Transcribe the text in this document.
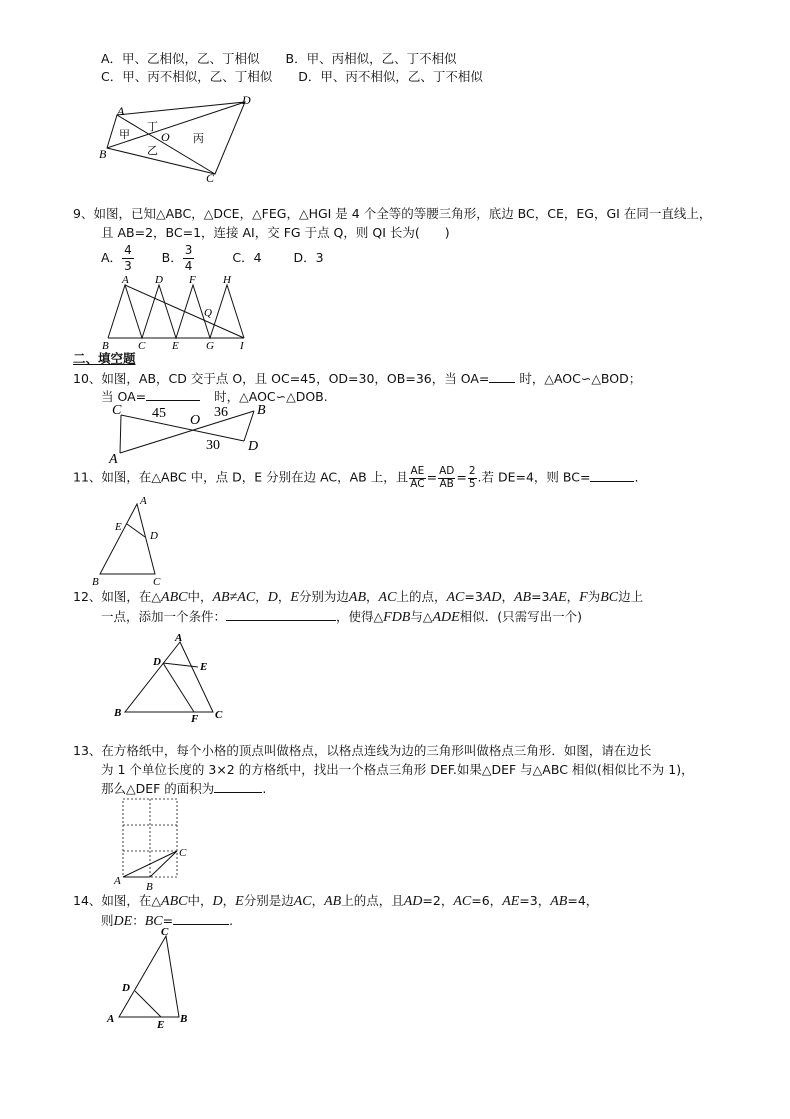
A．甲、乙相似，乙、丁相似 B．甲、丙相似，乙、丁不相似
C．甲、丙不相似，乙、丁相似 D．甲、丙不相似，乙、丁不相似
A
D
B
C
O
甲
丁
乙
丙
9、如图，已知△ABC，△DCE，△FEG，△HGI 是 4 个全等的等腰三角形，底边 BC，CE，EG，GI 在同一直线上，
且 AB=2，BC=1，连接 AI，交 FG 于点 Q，则 QI 长为(　　)
A． $\frac{4}{3}$ B． $\frac{3}{4}$	C．4	D．3
A D F H
Q
B	C E G I
二、填空题
10、如图，AB，CD 交于点 O，且 OC=45，OD=30，OB=36，当 OA= 时，△AOC∽△BOD；
当 OA=	时，△AOC∽△DOB.
C	B
O
A
D
45	36
30
11、如图，在△ABC 中，点 D，E 分别在边 AC，AB 上，且 $\frac{AE}{AC} = \frac{AD}{AB} = \frac{2}{5}$ .若 DE=4，则 BC=	.
A
E
D
B	C
12、如图，在△ABC中，AB≠AC，D，E分别为边AB，AC上的点，AC=3AD，AB=3AE，F为BC边上
一点，添加一个条件：	，使得△FDB与△ADE相似．(只需写出一个)
A
D	E
B	F C
13、在方格纸中，每个小格的顶点叫做格点，以格点连线为边的三角形叫做格点三角形．如图，请在边长
为 1 个单位长度的 3×2 的方格纸中，找出一个格点三角形 DEF.如果△DEF 与△ABC 相似(相似比不为 1)，
那么△DEF 的面积为	.
A B
C
14、如图，在△ABC中，D，E分别是边AC，AB上的点，且AD=2，AC=6，AE=3，AB=4，
则DE：BC=	.
C
D
A	E B
